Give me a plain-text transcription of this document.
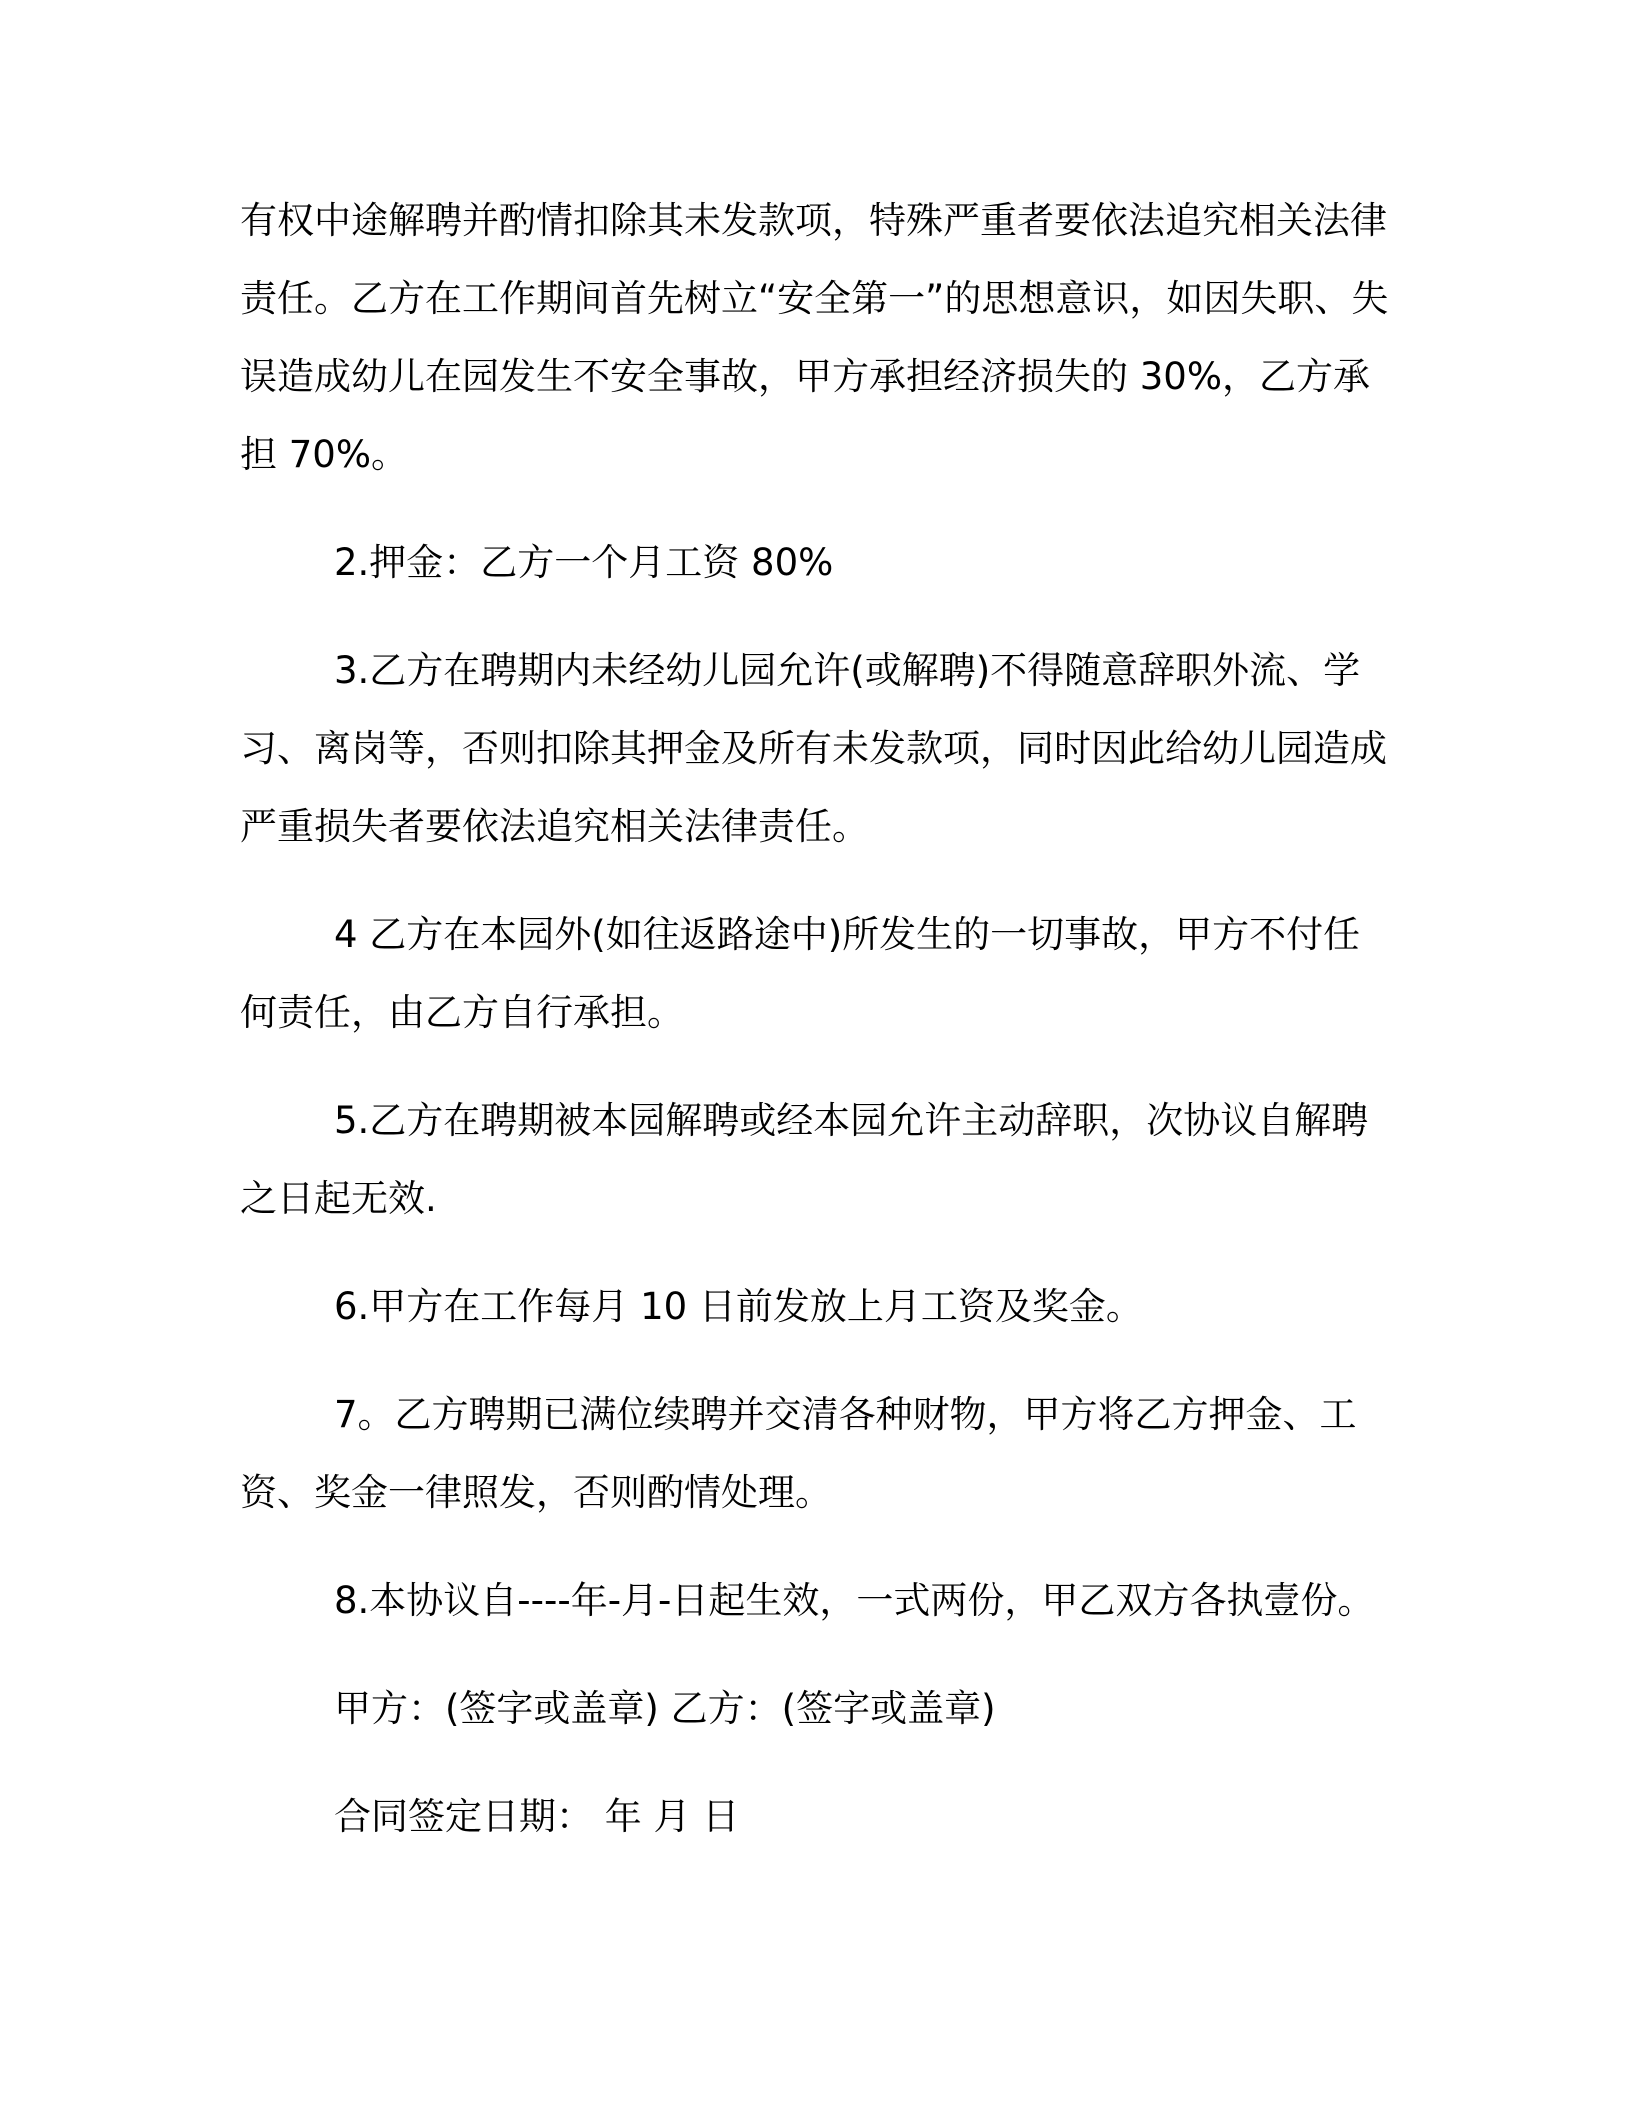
有权中途解聘并酌情扣除其未发款项，特殊严重者要依法追究相关法律责任。乙方在工作期间首先树立“安全第一”的思想意识，如因失职、失误造成幼儿在园发生不安全事故，甲方承担经济损失的 30%，乙方承担 70%。

2.押金：乙方一个月工资 80%

3.乙方在聘期内未经幼儿园允许(或解聘)不得随意辞职外流、学习、离岗等，否则扣除其押金及所有未发款项，同时因此给幼儿园造成严重损失者要依法追究相关法律责任。

4 乙方在本园外(如往返路途中)所发生的一切事故，甲方不付任何责任，由乙方自行承担。

5.乙方在聘期被本园解聘或经本园允许主动辞职，次协议自解聘之日起无效.

6.甲方在工作每月 10 日前发放上月工资及奖金。

7。乙方聘期已满位续聘并交清各种财物，甲方将乙方押金、工资、奖金一律照发，否则酌情处理。

8.本协议自----年-月-日起生效，一式两份，甲乙双方各执壹份。

甲方：(签字或盖章) 乙方：(签字或盖章)

合同签定日期： 年 月 日
